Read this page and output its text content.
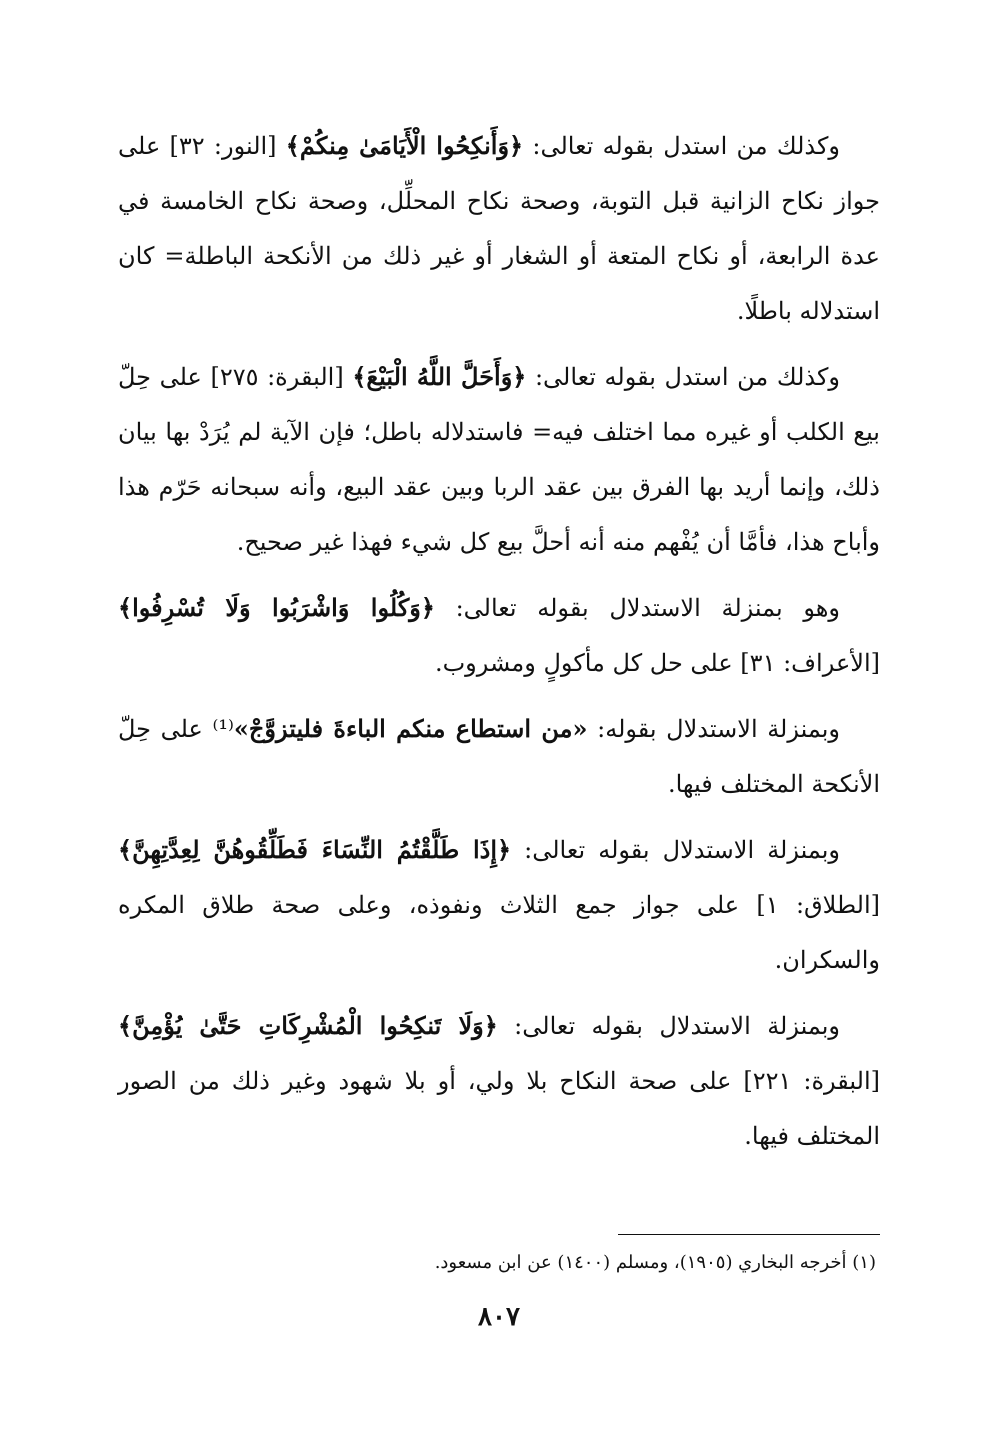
وكذلك من استدل بقوله تعالى: ﴿وَأَنكِحُوا الْأَيَامَىٰ مِنكُمْ﴾ [النور: ٣٢] على جواز نكاح الزانية قبل التوبة، وصحة نكاح المحلِّل، وصحة نكاح الخامسة في عدة الرابعة، أو نكاح المتعة أو الشغار أو غير ذلك من الأنكحة الباطلة= كان استدلاله باطلًا.
وكذلك من استدل بقوله تعالى: ﴿وَأَحَلَّ اللَّهُ الْبَيْعَ﴾ [البقرة: ٢٧٥] على حِلّ بيع الكلب أو غيره مما اختلف فيه= فاستدلاله باطل؛ فإن الآية لم يُرَدْ بها بيان ذلك، وإنما أريد بها الفرق بين عقد الربا وبين عقد البيع، وأنه سبحانه حَرّم هذا وأباح هذا، فأمَّا أن يُفْهم منه أنه أحلَّ بيع كل شيء فهذا غير صحيح.
وهو بمنزلة الاستدلال بقوله تعالى: ﴿وَكُلُوا وَاشْرَبُوا وَلَا تُسْرِفُوا﴾ [الأعراف: ٣١] على حل كل مأكولٍ ومشروب.
وبمنزلة الاستدلال بقوله: «من استطاع منكم الباءةَ فليتزوَّجْ»⁽¹⁾ على حِلّ الأنكحة المختلف فيها.
وبمنزلة الاستدلال بقوله تعالى: ﴿إِذَا طَلَّقْتُمُ النِّسَاءَ فَطَلِّقُوهُنَّ لِعِدَّتِهِنَّ﴾ [الطلاق: ١] على جواز جمع الثلاث ونفوذه، وعلى صحة طلاق المكره والسكران.
وبمنزلة الاستدلال بقوله تعالى: ﴿وَلَا تَنكِحُوا الْمُشْرِكَاتِ حَتَّىٰ يُؤْمِنَّ﴾ [البقرة: ٢٢١] على صحة النكاح بلا ولي، أو بلا شهود وغير ذلك من الصور المختلف فيها.
(١) أخرجه البخاري (١٩٠٥)، ومسلم (١٤٠٠) عن ابن مسعود.
٨٠٧
